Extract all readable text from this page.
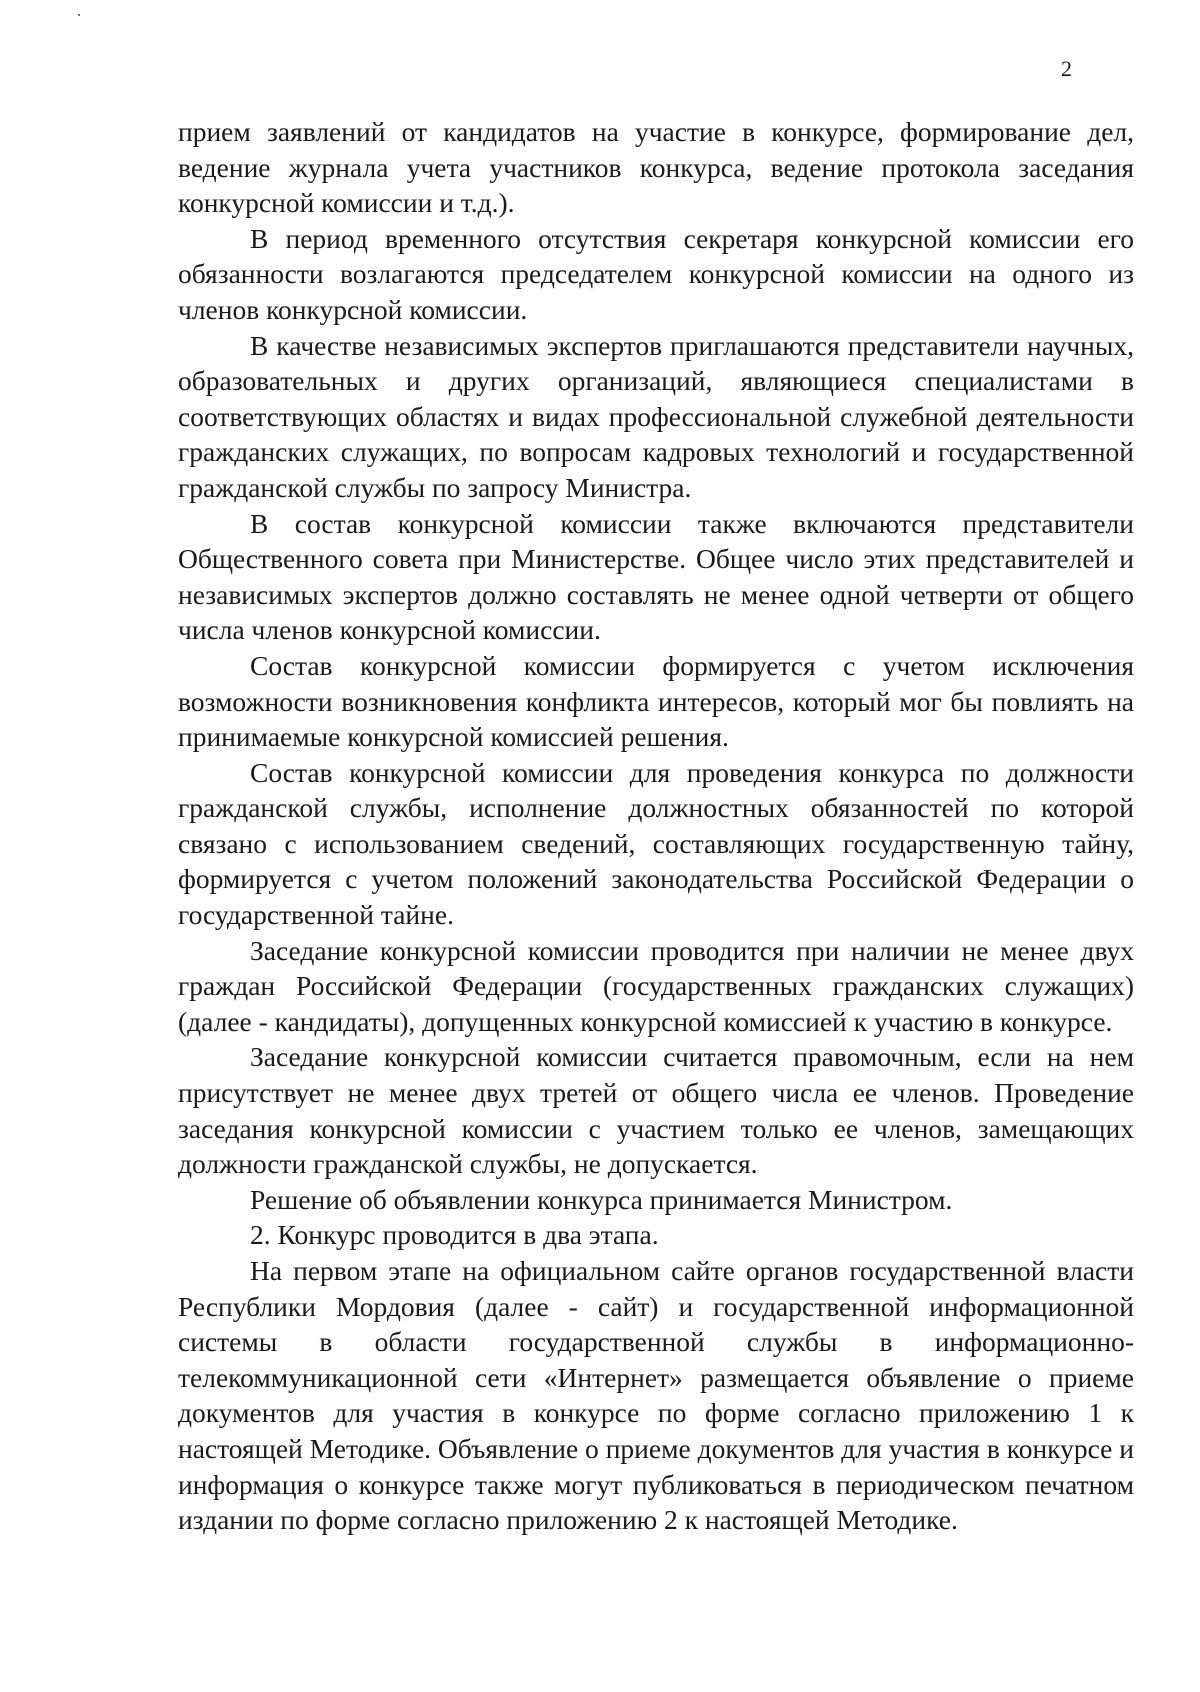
2

прием заявлений от кандидатов на участие в конкурсе, формирование дел, ведение журнала учета участников конкурса, ведение протокола заседания конкурсной комиссии и т.д.).

В период временного отсутствия секретаря конкурсной комиссии его обязанности возлагаются председателем конкурсной комиссии на одного из членов конкурсной комиссии.

В качестве независимых экспертов приглашаются представители научных, образовательных и других организаций, являющиеся специалистами в соответствующих областях и видах профессиональной служебной деятельности гражданских служащих, по вопросам кадровых технологий и государственной гражданской службы по запросу Министра.

В состав конкурсной комиссии также включаются представители Общественного совета при Министерстве. Общее число этих представителей и независимых экспертов должно составлять не менее одной четверти от общего числа членов конкурсной комиссии.

Состав конкурсной комиссии формируется с учетом исключения возможности возникновения конфликта интересов, который мог бы повлиять на принимаемые конкурсной комиссией решения.

Состав конкурсной комиссии для проведения конкурса по должности гражданской службы, исполнение должностных обязанностей по которой связано с использованием сведений, составляющих государственную тайну, формируется с учетом положений законодательства Российской Федерации о государственной тайне.

Заседание конкурсной комиссии проводится при наличии не менее двух граждан Российской Федерации (государственных гражданских служащих) (далее - кандидаты), допущенных конкурсной комиссией к участию в конкурсе.

Заседание конкурсной комиссии считается правомочным, если на нем присутствует не менее двух третей от общего числа ее членов. Проведение заседания конкурсной комиссии с участием только ее членов, замещающих должности гражданской службы, не допускается.

Решение об объявлении конкурса принимается Министром.

2. Конкурс проводится в два этапа.

На первом этапе на официальном сайте органов государственной власти Республики Мордовия (далее - сайт) и государственной информационной системы в области государственной службы в информационно-телекоммуникационной сети «Интернет» размещается объявление о приеме документов для участия в конкурсе по форме согласно приложению 1 к настоящей Методике. Объявление о приеме документов для участия в конкурсе и информация о конкурсе также могут публиковаться в периодическом печатном издании по форме согласно приложению 2 к настоящей Методике.
